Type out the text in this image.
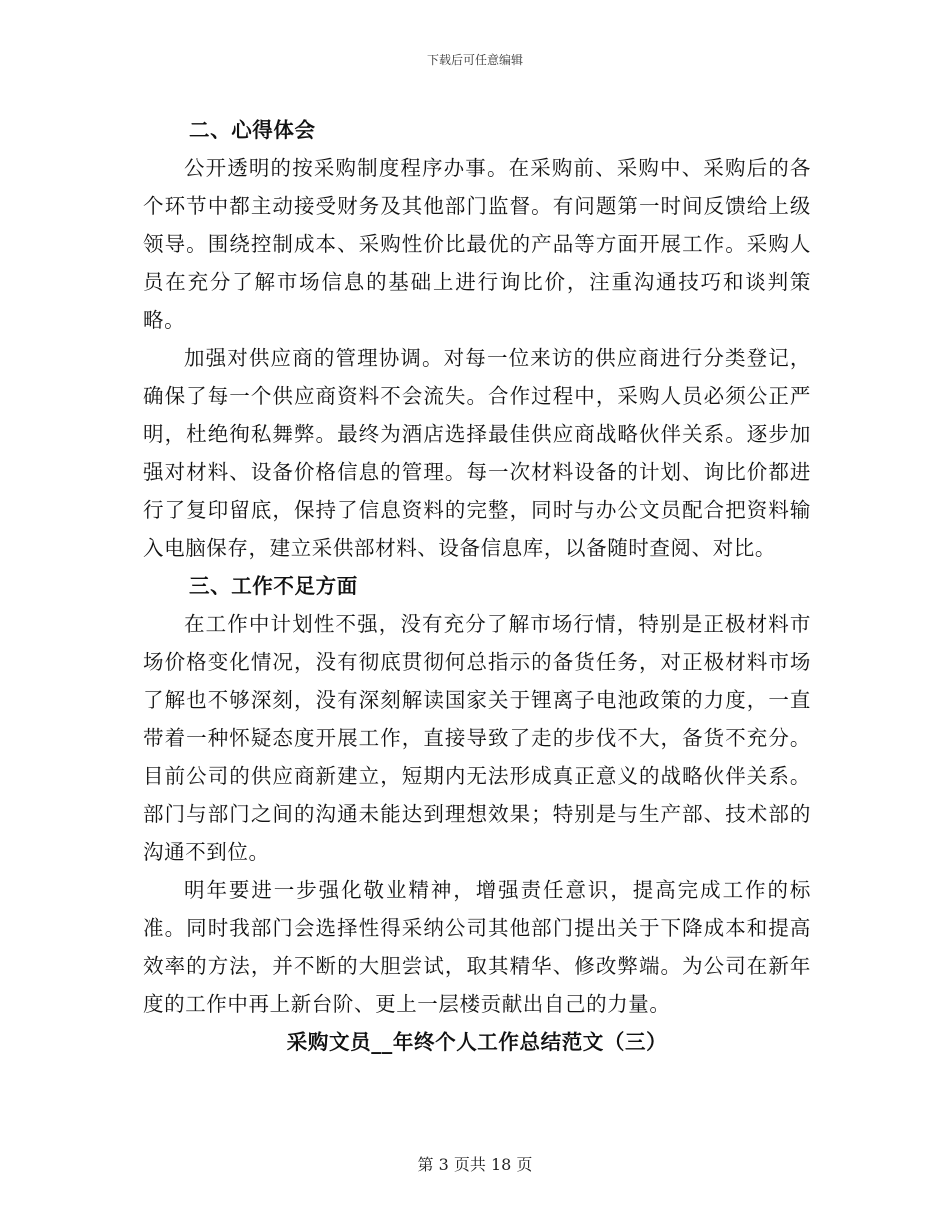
下载后可任意编辑
二、心得体会

公开透明的按采购制度程序办事。在采购前、采购中、采购后的各个环节中都主动接受财务及其他部门监督。有问题第一时间反馈给上级领导。围绕控制成本、采购性价比最优的产品等方面开展工作。采购人员在充分了解市场信息的基础上进行询比价，注重沟通技巧和谈判策略。

加强对供应商的管理协调。对每一位来访的供应商进行分类登记，确保了每一个供应商资料不会流失。合作过程中，采购人员必须公正严明，杜绝徇私舞弊。最终为酒店选择最佳供应商战略伙伴关系。逐步加强对材料、设备价格信息的管理。每一次材料设备的计划、询比价都进行了复印留底，保持了信息资料的完整，同时与办公文员配合把资料输入电脑保存，建立采供部材料、设备信息库，以备随时查阅、对比。

三、工作不足方面

在工作中计划性不强，没有充分了解市场行情，特别是正极材料市场价格变化情况，没有彻底贯彻何总指示的备货任务，对正极材料市场了解也不够深刻，没有深刻解读国家关于锂离子电池政策的力度，一直带着一种怀疑态度开展工作，直接导致了走的步伐不大，备货不充分。目前公司的供应商新建立，短期内无法形成真正意义的战略伙伴关系。部门与部门之间的沟通未能达到理想效果；特别是与生产部、技术部的沟通不到位。

明年要进一步强化敬业精神，增强责任意识，提高完成工作的标准。同时我部门会选择性得采纳公司其他部门提出关于下降成本和提高效率的方法，并不断的大胆尝试，取其精华、修改弊端。为公司在新年度的工作中再上新台阶、更上一层楼贡献出自己的力量。

采购文员__年终个人工作总结范文（三）
第 3 页共 18 页
